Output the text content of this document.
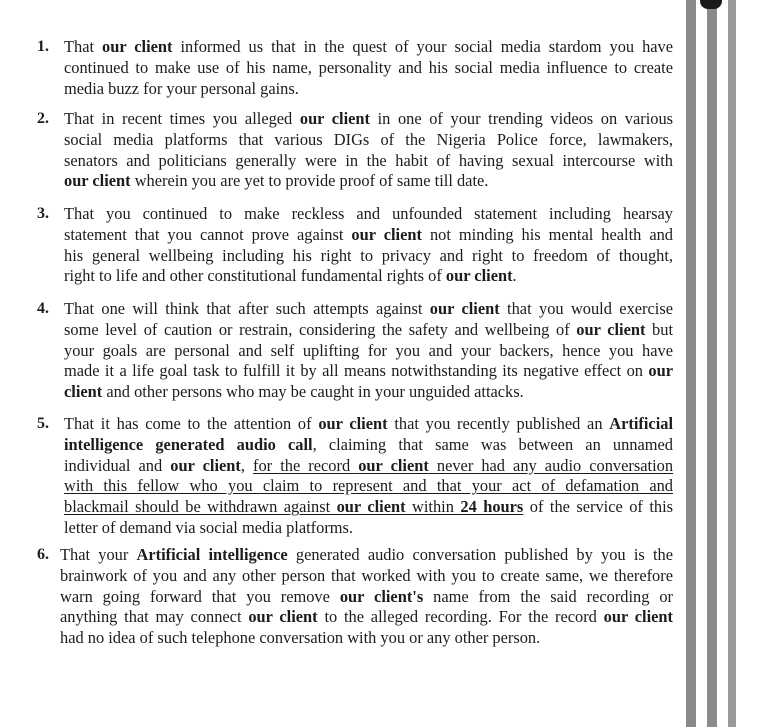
1. That our client informed us that in the quest of your social media stardom you have
continued to make use of his name, personality and his social media influence to create
media buzz for your personal gains.
2. That in recent times you alleged our client in one of your trending videos on various
social media platforms that various DIGs of the Nigeria Police force, lawmakers,
senators and politicians generally were in the habit of having sexual intercourse with
our client wherein you are yet to provide proof of same till date.
3. That you continued to make reckless and unfounded statement including hearsay
statement that you cannot prove against our client not minding his mental health and
his general wellbeing including his right to privacy and right to freedom of thought,
right to life and other constitutional fundamental rights of our client.
4. That one will think that after such attempts against our client that you would exercise
some level of caution or restrain, considering the safety and wellbeing of our client but
your goals are personal and self uplifting for you and your backers, hence you have
made it a life goal task to fulfill it by all means notwithstanding its negative effect on our
client and other persons who may be caught in your unguided attacks.
5. That it has come to the attention of our client that you recently published an Artificial
intelligence generated audio call, claiming that same was between an unnamed
individual and our client, for the record our client never had any audio conversation
with this fellow who you claim to represent and that your act of defamation and
blackmail should be withdrawn against our client within 24 hours of the service of this
letter of demand via social media platforms.
6. That your Artificial intelligence generated audio conversation published by you is the
brainwork of you and any other person that worked with you to create same, we therefore
warn going forward that you remove our client's name from the said recording or
anything that may connect our client to the alleged recording. For the record our client
had no idea of such telephone conversation with you or any other person.
